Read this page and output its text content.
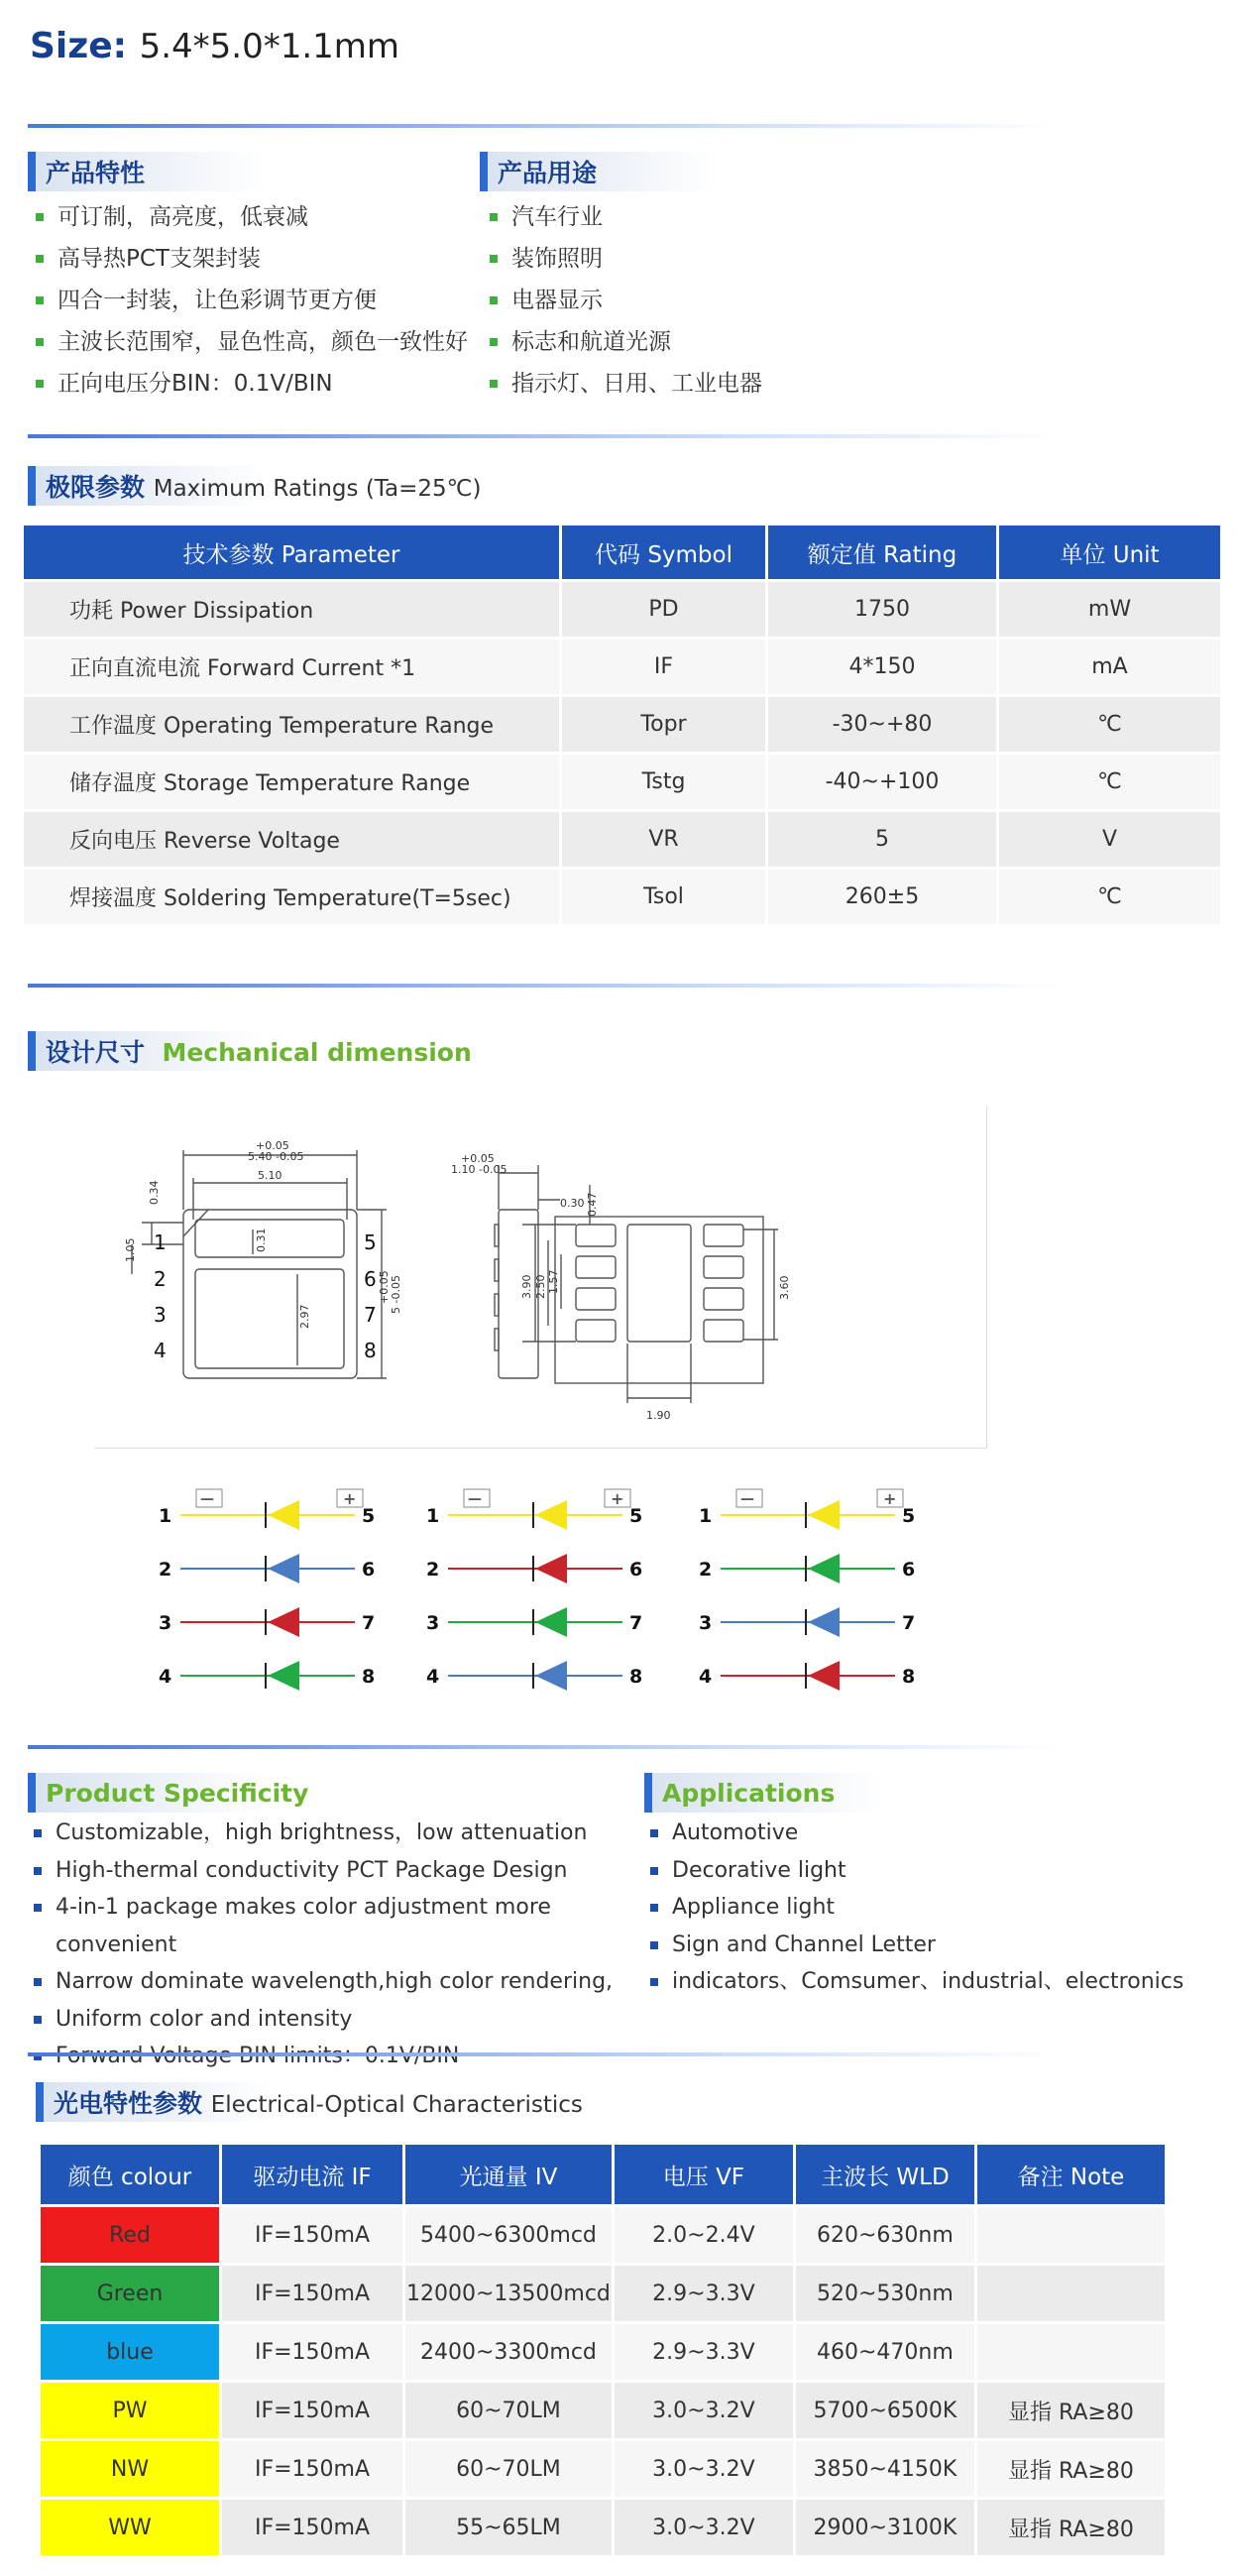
Size: 5.4*5.0*1.1mm
产品特性
可订制，高亮度，低衰减
高导热PCT支架封装
四合一封装，让色彩调节更方便
主波长范围窄，显色性高，颜色一致性好
正向电压分BIN：0.1V/BIN
产品用途
汽车行业
装饰照明
电器显示
标志和航道光源
指示灯、日用、工业电器
极限参数 Maximum Ratings (Ta=25℃)
技术参数 Parameter	代码 Symbol	额定值 Rating	单位 Unit
功耗 Power Dissipation	PD	1750	mW
正向直流电流 Forward Current *1	IF	4*150	mA
工作温度 Operating Temperature Range	Topr	-30~+80	℃
储存温度 Storage Temperature Range	Tstg	-40~+100	℃
反向电压 Reverse Voltage	VR	5	V
焊接温度 Soldering Temperature(T=5sec)	Tsol	260±5	℃
设计尺寸 Mechanical dimension
+0.05
5.40 -0.05
5.10
0.34
1.05	0.31
2.97
+0.05 5 -0.05
+0.05
1.10 -0.05
0.30 0.47
3.90 2.50 1.57	3.60
1.90
1
2
3
4
5
6
7
8
—	+
1	5
2	6
3	7
4	8
—	+
1	5
2	6
3	7
4	8
—	+
1	5
2	6
3	7
4	8
Product Specificity
Customizable，high brightness，low attenuation
High-thermal conductivity PCT Package Design
4-in-1 package makes color adjustment more convenient
Narrow dominate wavelength,high color rendering,
Uniform color and intensity
Applications
Automotive
Decorative light
Appliance light
Sign and Channel Letter
indicators、Comsumer、industrial、electronics
光电特性参数 Electrical-Optical Characteristics
颜色 colour	驱动电流 IF	光通量 IV	电压 VF	主波长 WLD	备注 Note
Red	IF=150mA	5400~6300mcd	2.0~2.4V	620~630nm	
Green	IF=150mA	12000~13500mcd	2.9~3.3V	520~530nm	
blue	IF=150mA	2400~3300mcd	2.9~3.3V	460~470nm	
PW	IF=150mA	60~70LM	3.0~3.2V	5700~6500K	显指 RA≥80
NW	IF=150mA	60~70LM	3.0~3.2V	3850~4150K	显指 RA≥80
WW	IF=150mA	55~65LM	3.0~3.2V	2900~3100K	显指 RA≥80
